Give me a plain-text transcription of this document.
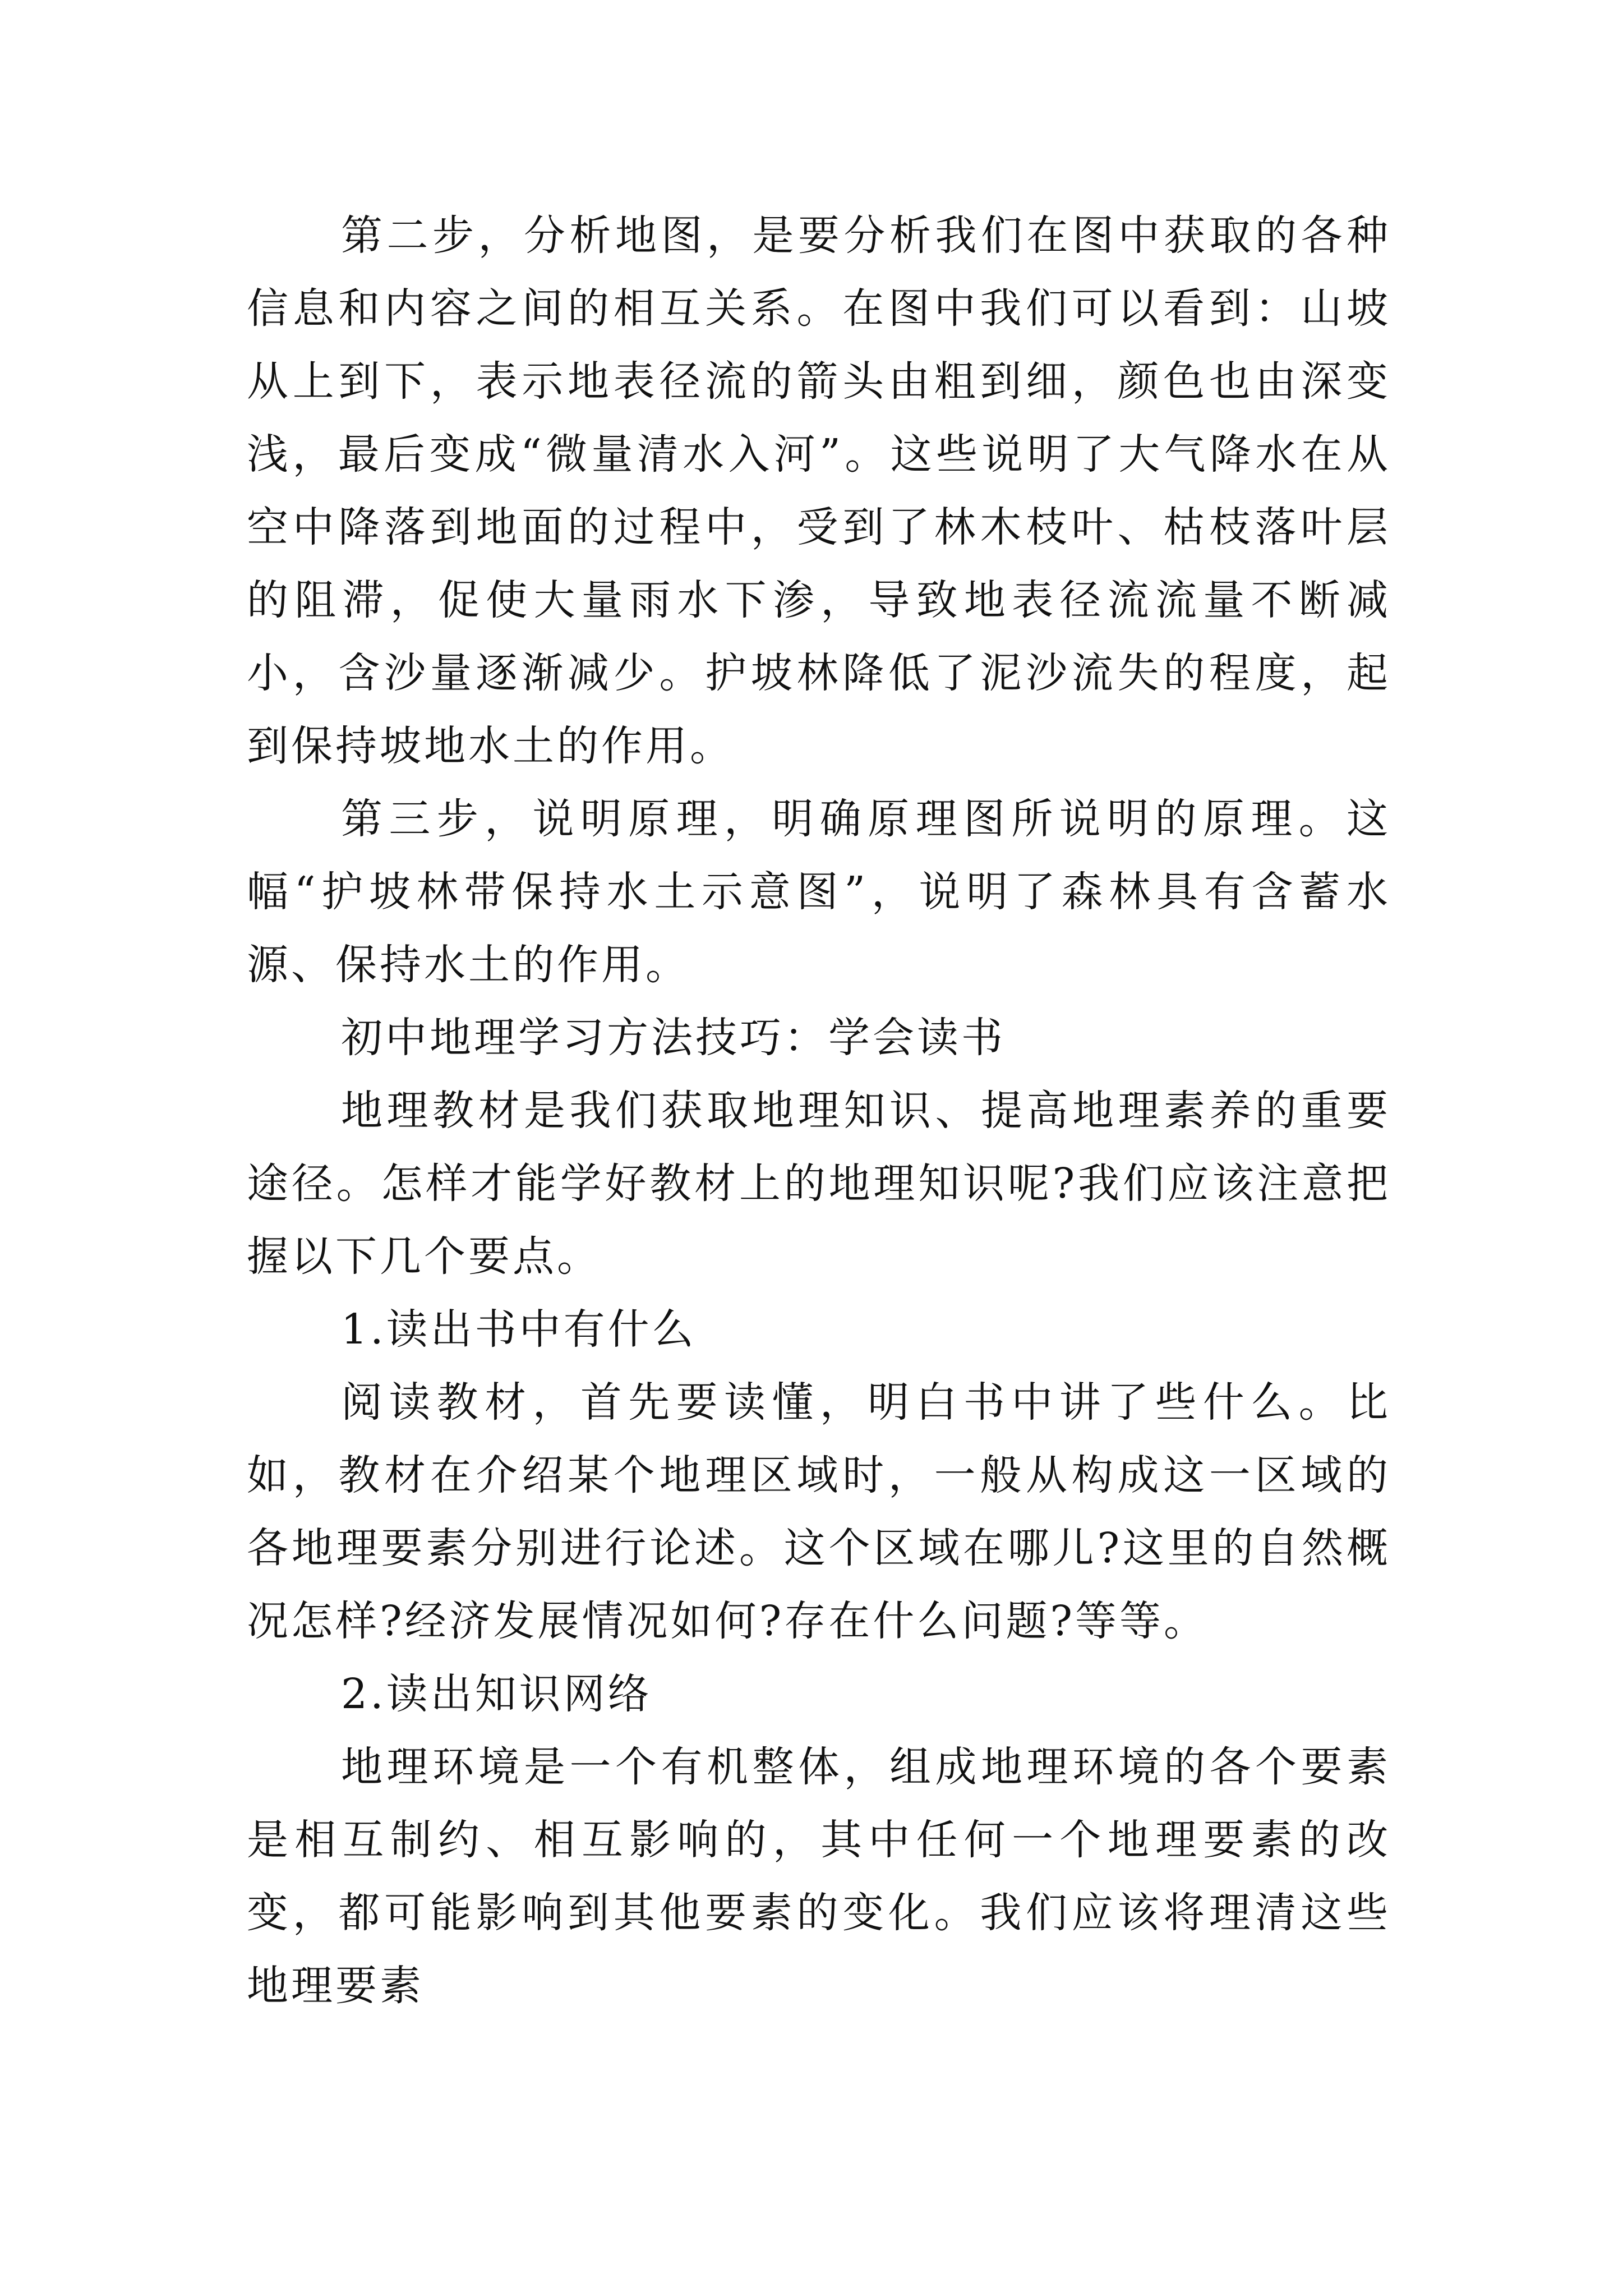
第二步，分析地图，是要分析我们在图中获取的各种信息和内容之间的相互关系。在图中我们可以看到：山坡从上到下，表示地表径流的箭头由粗到细，颜色也由深变浅，最后变成“微量清水入河”。这些说明了大气降水在从空中降落到地面的过程中，受到了林木枝叶、枯枝落叶层的阻滞，促使大量雨水下渗，导致地表径流流量不断减小，含沙量逐渐减少。护坡林降低了泥沙流失的程度，起到保持坡地水土的作用。

第三步，说明原理，明确原理图所说明的原理。这幅“护坡林带保持水土示意图”，说明了森林具有含蓄水源、保持水土的作用。

初中地理学习方法技巧：学会读书

地理教材是我们获取地理知识、提高地理素养的重要途径。怎样才能学好教材上的地理知识呢?我们应该注意把握以下几个要点。

1.读出书中有什么

阅读教材，首先要读懂，明白书中讲了些什么。比如，教材在介绍某个地理区域时，一般从构成这一区域的各地理要素分别进行论述。这个区域在哪儿?这里的自然概况怎样?经济发展情况如何?存在什么问题?等等。

2.读出知识网络

地理环境是一个有机整体，组成地理环境的各个要素是相互制约、相互影响的，其中任何一个地理要素的改变，都可能影响到其他要素的变化。我们应该将理清这些地理要素
